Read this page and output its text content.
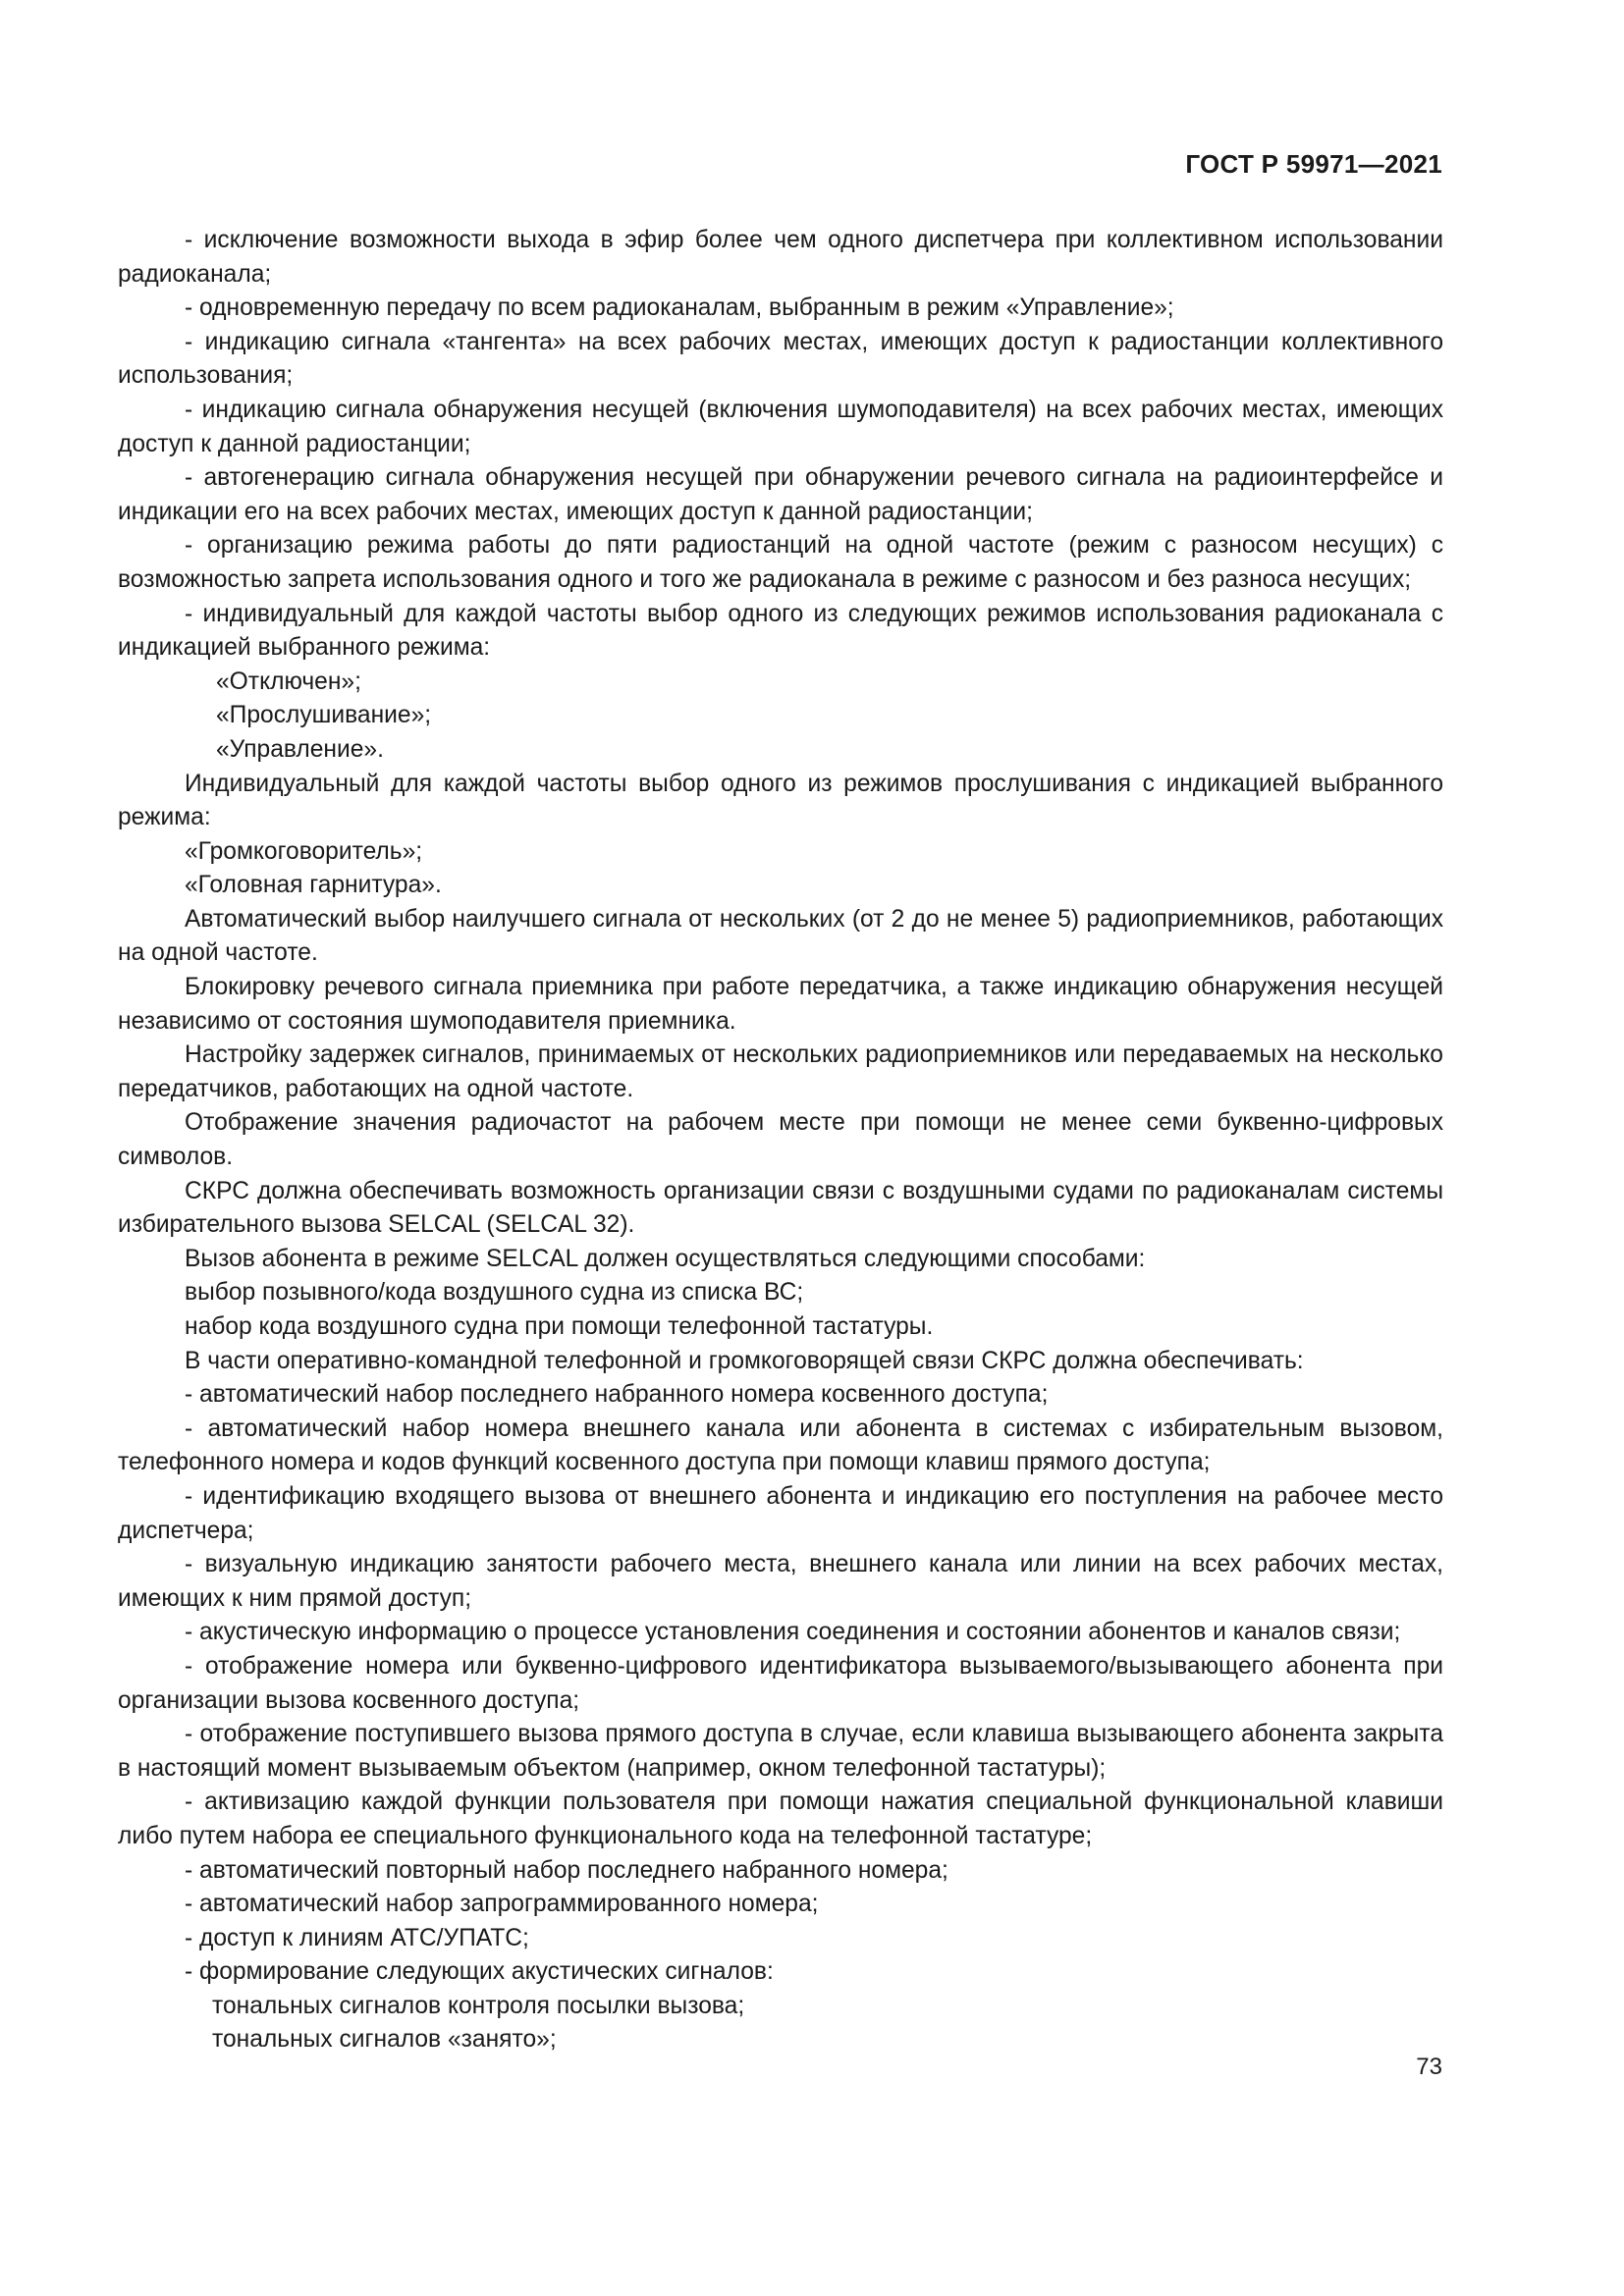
ГОСТ Р 59971—2021

- исключение возможности выхода в эфир более чем одного диспетчера при коллективном использовании радиоканала;

- одновременную передачу по всем радиоканалам, выбранным в режим «Управление»;

- индикацию сигнала «тангента» на всех рабочих местах, имеющих доступ к радиостанции коллективного использования;

- индикацию сигнала обнаружения несущей (включения шумоподавителя) на всех рабочих местах, имеющих доступ к данной радиостанции;

- автогенерацию сигнала обнаружения несущей при обнаружении речевого сигнала на радиоинтерфейсе и индикации его на всех рабочих местах, имеющих доступ к данной радиостанции;

- организацию режима работы до пяти радиостанций на одной частоте (режим с разносом несущих) с возможностью запрета использования одного и того же радиоканала в режиме с разносом и без разноса несущих;

- индивидуальный для каждой частоты выбор одного из следующих режимов использования радиоканала с индикацией выбранного режима:

«Отключен»;

«Прослушивание»;

«Управление».

Индивидуальный для каждой частоты выбор одного из режимов прослушивания с индикацией выбранного режима:

«Громкоговоритель»;

«Головная гарнитура».

Автоматический выбор наилучшего сигнала от нескольких (от 2 до не менее 5) радиоприемников, работающих на одной частоте.

Блокировку речевого сигнала приемника при работе передатчика, а также индикацию обнаружения несущей независимо от состояния шумоподавителя приемника.

Настройку задержек сигналов, принимаемых от нескольких радиоприемников или передаваемых на несколько передатчиков, работающих на одной частоте.

Отображение значения радиочастот на рабочем месте при помощи не менее семи буквенно-цифровых символов.

СКРС должна обеспечивать возможность организации связи с воздушными судами по радиоканалам системы избирательного вызова SELCAL (SELCAL 32).

Вызов абонента в режиме SELCAL должен осуществляться следующими способами:

выбор позывного/кода воздушного судна из списка ВС;

набор кода воздушного судна при помощи телефонной тастатуры.

В части оперативно-командной телефонной и громкоговорящей связи СКРС должна обеспечивать:

- автоматический набор последнего набранного номера косвенного доступа;

- автоматический набор номера внешнего канала или абонента в системах с избирательным вызовом, телефонного номера и кодов функций косвенного доступа при помощи клавиш прямого доступа;

- идентификацию входящего вызова от внешнего абонента и индикацию его поступления на рабочее место диспетчера;

- визуальную индикацию занятости рабочего места, внешнего канала или линии на всех рабочих местах, имеющих к ним прямой доступ;

- акустическую информацию о процессе установления соединения и состоянии абонентов и каналов связи;

- отображение номера или буквенно-цифрового идентификатора вызываемого/вызывающего абонента при организации вызова косвенного доступа;

- отображение поступившего вызова прямого доступа в случае, если клавиша вызывающего абонента закрыта в настоящий момент вызываемым объектом (например, окном телефонной тастатуры);

- активизацию каждой функции пользователя при помощи нажатия специальной функциональной клавиши либо путем набора ее специального функционального кода на телефонной тастатуре;

- автоматический повторный набор последнего набранного номера;

- автоматический набор запрограммированного номера;

- доступ к линиям АТС/УПАТС;

- формирование следующих акустических сигналов:

тональных сигналов контроля посылки вызова;

тональных сигналов «занято»;

73
